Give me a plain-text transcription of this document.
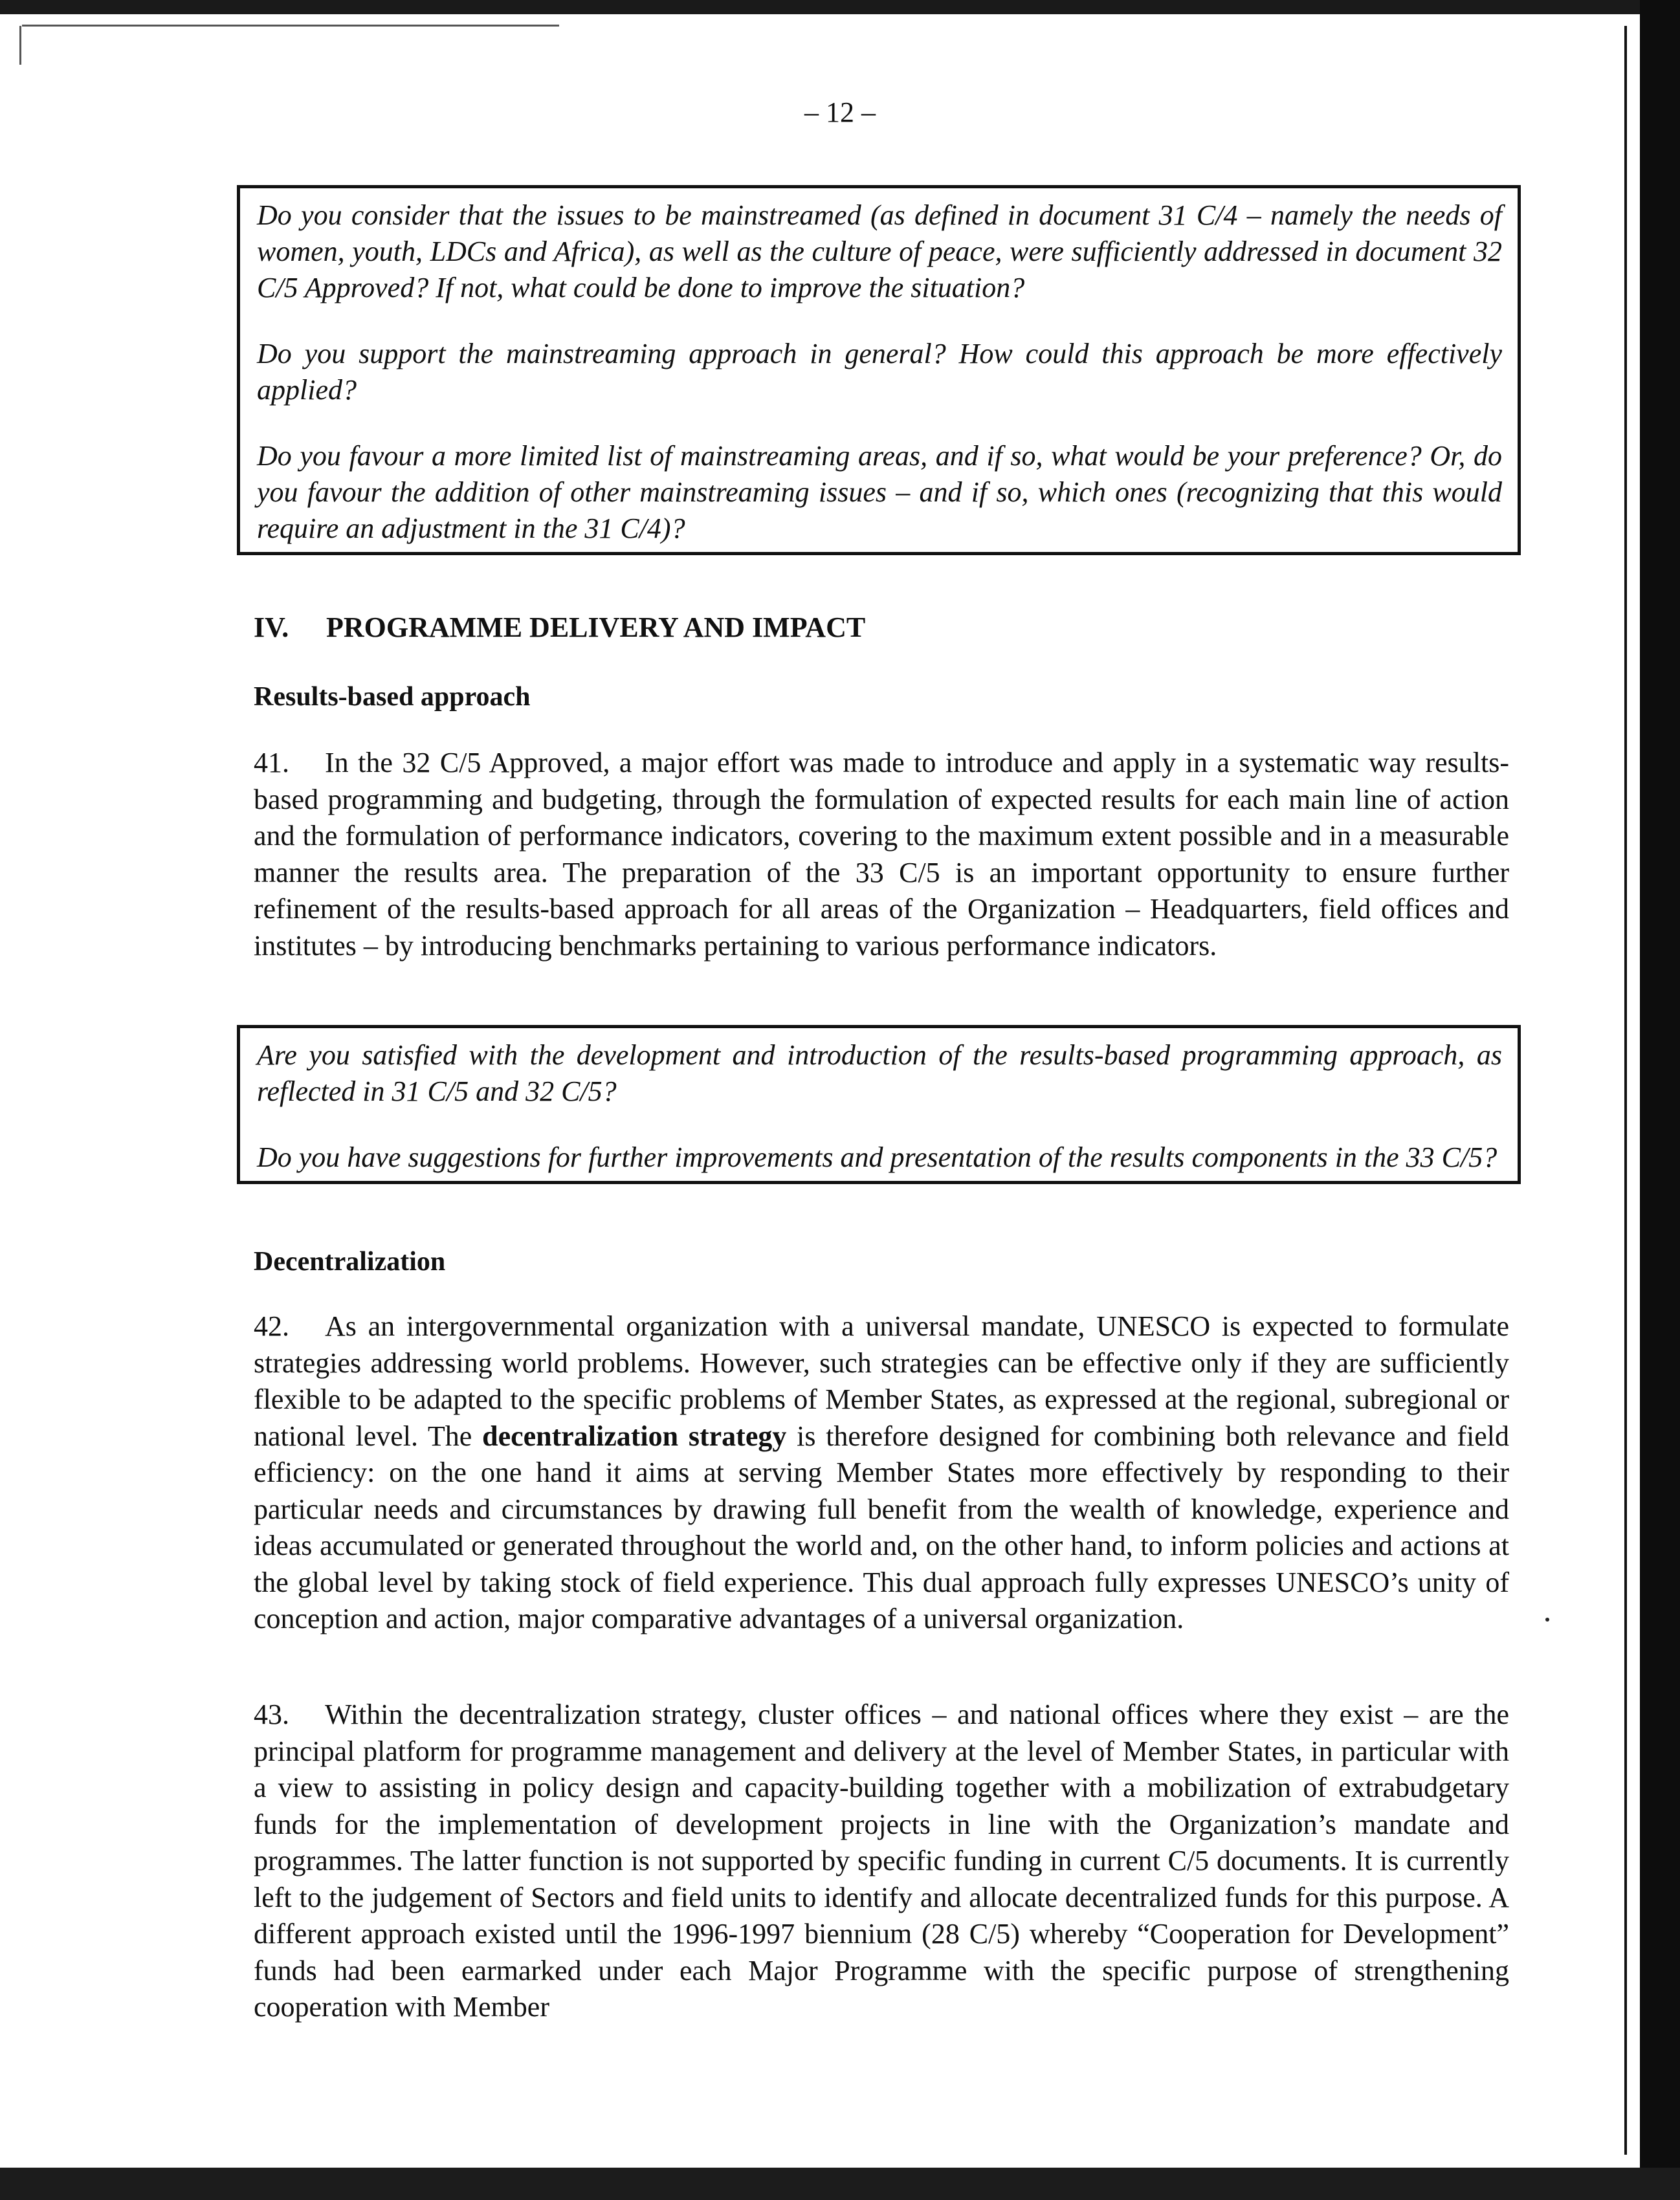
– 12 –

Do you consider that the issues to be mainstreamed (as defined in document 31 C/4 – namely the needs of women, youth, LDCs and Africa), as well as the culture of peace, were sufficiently addressed in document 32 C/5 Approved? If not, what could be done to improve the situation?

Do you support the mainstreaming approach in general? How could this approach be more effectively applied?

Do you favour a more limited list of mainstreaming areas, and if so, what would be your preference? Or, do you favour the addition of other mainstreaming issues – and if so, which ones (recognizing that this would require an adjustment in the 31 C/4)?

IV. PROGRAMME DELIVERY AND IMPACT
Results-based approach

41. In the 32 C/5 Approved, a major effort was made to introduce and apply in a systematic way results-based programming and budgeting, through the formulation of expected results for each main line of action and the formulation of performance indicators, covering to the maximum extent possible and in a measurable manner the results area. The preparation of the 33 C/5 is an important opportunity to ensure further refinement of the results-based approach for all areas of the Organization – Headquarters, field offices and institutes – by introducing benchmarks pertaining to various performance indicators.

Are you satisfied with the development and introduction of the results-based programming approach, as reflected in 31 C/5 and 32 C/5?

Do you have suggestions for further improvements and presentation of the results components in the 33 C/5?

Decentralization

42. As an intergovernmental organization with a universal mandate, UNESCO is expected to formulate strategies addressing world problems. However, such strategies can be effective only if they are sufficiently flexible to be adapted to the specific problems of Member States, as expressed at the regional, subregional or national level. The decentralization strategy is therefore designed for combining both relevance and field efficiency: on the one hand it aims at serving Member States more effectively by responding to their particular needs and circumstances by drawing full benefit from the wealth of knowledge, experience and ideas accumulated or generated throughout the world and, on the other hand, to inform policies and actions at the global level by taking stock of field experience. This dual approach fully expresses UNESCO’s unity of conception and action, major comparative advantages of a universal organization.

43. Within the decentralization strategy, cluster offices – and national offices where they exist – are the principal platform for programme management and delivery at the level of Member States, in particular with a view to assisting in policy design and capacity-building together with a mobilization of extrabudgetary funds for the implementation of development projects in line with the Organization’s mandate and programmes. The latter function is not supported by specific funding in current C/5 documents. It is currently left to the judgement of Sectors and field units to identify and allocate decentralized funds for this purpose. A different approach existed until the 1996-1997 biennium (28 C/5) whereby “Cooperation for Development” funds had been earmarked under each Major Programme with the specific purpose of strengthening cooperation with Member
